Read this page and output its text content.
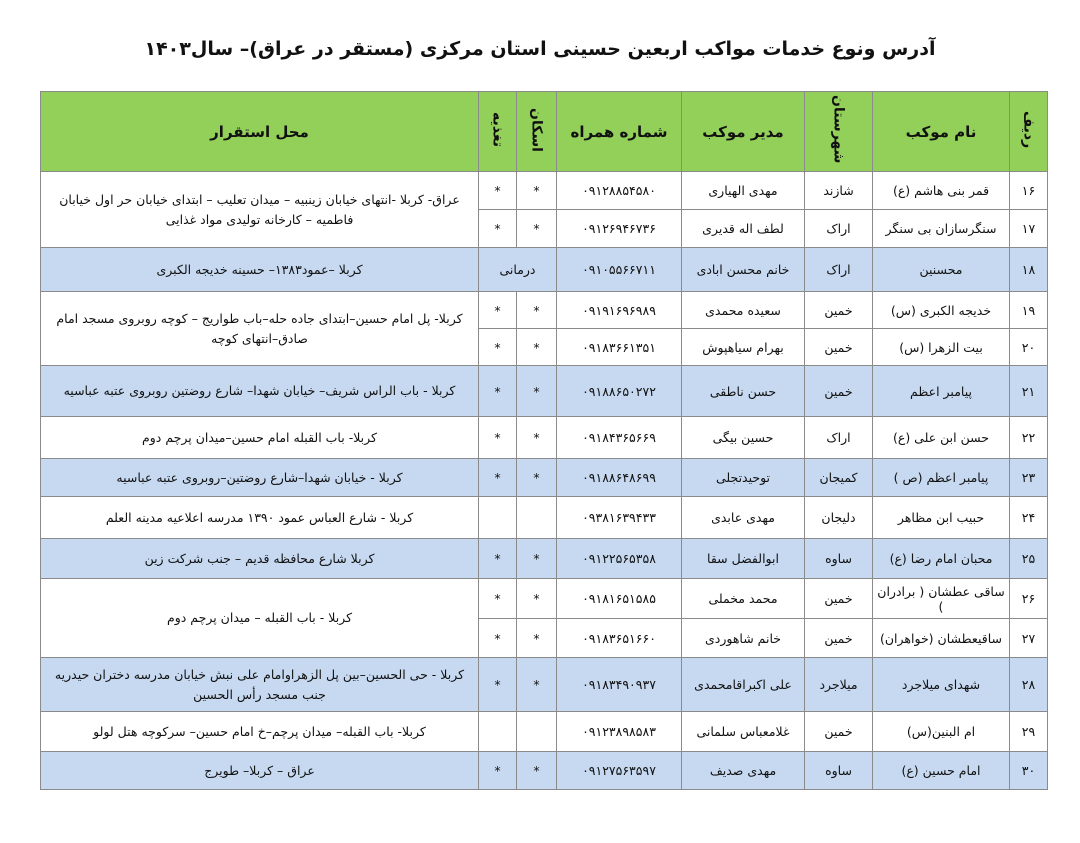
آدرس ونوع خدمات مواکب اربعین حسینی استان مرکزی (مستقر در عراق)– سال۱۴۰۳
ردیف	نام موکب	شهرستان	مدیر موکب	شماره همراه	اسکان	تغذیه	محل استقرار
۱۶	قمر بنی هاشم (ع)	شازند	مهدی الهیاری	۰۹۱۲۸۸۵۴۵۸۰	*	*	عراق- کربلا -انتهای خیابان زینبیه – میدان تعلیب – ابتدای خیابان حر اول خیابان فاطمیه – کارخانه تولیدی مواد غذایی
۱۷	سنگرسازان بی سنگر	اراک	لطف اله قدیری	۰۹۱۲۶۹۴۶۷۳۶	*	*	
۱۸	محسنین	اراک	خانم محسن ابادی	۰۹۱۰۵۵۶۶۷۱۱	درمانی		کربلا –عمود۱۳۸۳– حسینه خدیجه الکبری
۱۹	خدیجه الکبری (س)	خمین	سعیده محمدی	۰۹۱۹۱۶۹۶۹۸۹	*	*	کربلا- پل امام حسین–ابتدای جاده حله–باب طواریج – کوچه روبروی مسجد امام صادق–انتهای کوچه
۲۰	بیت الزهرا (س)	خمین	بهرام سیاهپوش	۰۹۱۸۳۶۶۱۳۵۱	*	*	
۲۱	پیامبر اعظم	خمین	حسن ناطقی	۰۹۱۸۸۶۵۰۲۷۲	*	*	کربلا - باب الراس شریف– خیابان شهدا– شارع روضتین روبروی عتبه عباسیه
۲۲	حسن ابن علی (ع)	اراک	حسین بیگی	۰۹۱۸۴۳۶۵۶۶۹	*	*	کربلا- باب القبله امام حسین–میدان پرچم دوم
۲۳	پیامبر اعظم (ص )	کمیجان	توحیدتجلی	۰۹۱۸۸۶۴۸۶۹۹	*	*	کربلا - خیابان شهدا–شارع روضتین–روبروی عتبه عباسیه
۲۴	حبیب ابن مظاهر	دلیجان	مهدی عابدی	۰۹۳۸۱۶۳۹۴۳۳			کربلا - شارع العباس عمود ۱۳۹۰ مدرسه اعلاعیه مدینه العلم
۲۵	محبان امام رضا (ع)	ساوه	ابوالفضل سقا	۰۹۱۲۲۵۶۵۳۵۸	*	*	کربلا شارع محافظه قدیم – جنب شرکت زین
۲۶	ساقی عطشان ( برادران )	خمین	محمد مخملی	۰۹۱۸۱۶۵۱۵۸۵	*	*	کربلا - باب القبله – میدان پرچم دوم
۲۷	ساقیعطشان (خواهران)	خمین	خانم شاهوردی	۰۹۱۸۳۶۵۱۶۶۰	*	*	
۲۸	شهدای میلاجرد	میلاجرد	علی اکبراقامحمدی	۰۹۱۸۳۴۹۰۹۳۷	*	*	کربلا - حی الحسین–بین پل الزهراوامام علی نبش خیابان مدرسه دختران حیدریه جنب مسجد رأس الحسین
۲۹	ام البنین(س)	خمین	غلامعباس سلمانی	۰۹۱۲۳۸۹۸۵۸۳			کربلا- باب القبله– میدان پرچم–خ امام حسین– سرکوچه هتل لولو
۳۰	امام حسین (ع)	ساوه	مهدی صدیف	۰۹۱۲۷۵۶۳۵۹۷	*	*	عراق – کربلا– طویرج
